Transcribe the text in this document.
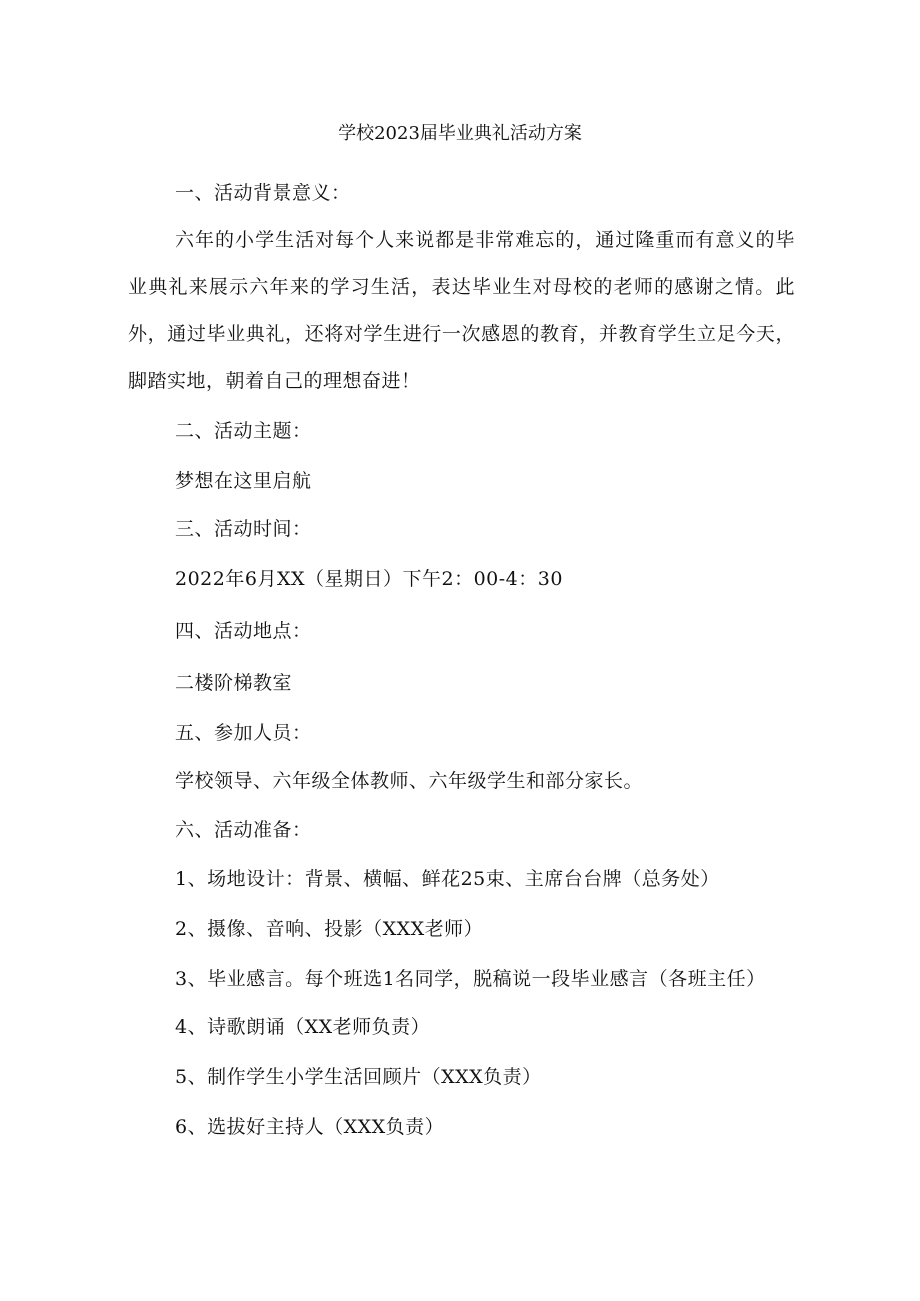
学校2023届毕业典礼活动方案
一、活动背景意义：
六年的小学生活对每个人来说都是非常难忘的，通过隆重而有意义的毕
业典礼来展示六年来的学习生活，表达毕业生对母校的老师的感谢之情。此
外，通过毕业典礼，还将对学生进行一次感恩的教育，并教育学生立足今天，
脚踏实地，朝着自己的理想奋进！
二、活动主题：
梦想在这里启航
三、活动时间：
2022年6月XX（星期日）下午2：00-4：30
四、活动地点：
二楼阶梯教室
五、参加人员：
学校领导、六年级全体教师、六年级学生和部分家长。
六、活动准备：
1、场地设计：背景、横幅、鲜花25束、主席台台牌（总务处）
2、摄像、音响、投影（XXX老师）
3、毕业感言。每个班选1名同学，脱稿说一段毕业感言（各班主任）
4、诗歌朗诵（XX老师负责）
5、制作学生小学生活回顾片（XXX负责）
6、选拔好主持人（XXX负责）
